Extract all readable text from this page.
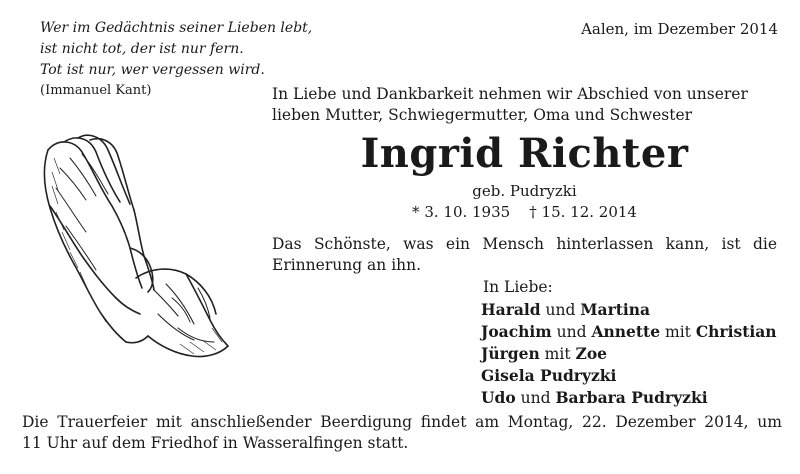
Wer im Gedächtnis seiner Lieben lebt,
ist nicht tot, der ist nur fern.
Tot ist nur, wer vergessen wird.
(Immanuel Kant)
Aalen, im Dezember 2014
In Liebe und Dankbarkeit nehmen wir Abschied von unserer
lieben Mutter, Schwiegermutter, Oma und Schwester
Ingrid Richter
geb. Pudryzki
* 3. 10. 1935    † 15. 12. 2014
Das Schönste, was ein Mensch hinterlassen kann, ist die
Erinnerung an ihn.
In Liebe:
Harald und Martina
Joachim und Annette mit Christian
Jürgen mit Zoe
Gisela Pudryzki
Udo und Barbara Pudryzki
Die Trauerfeier mit anschließender Beerdigung findet am Montag, 22. Dezember 2014, um
11 Uhr auf dem Friedhof in Wasseralfingen statt.
